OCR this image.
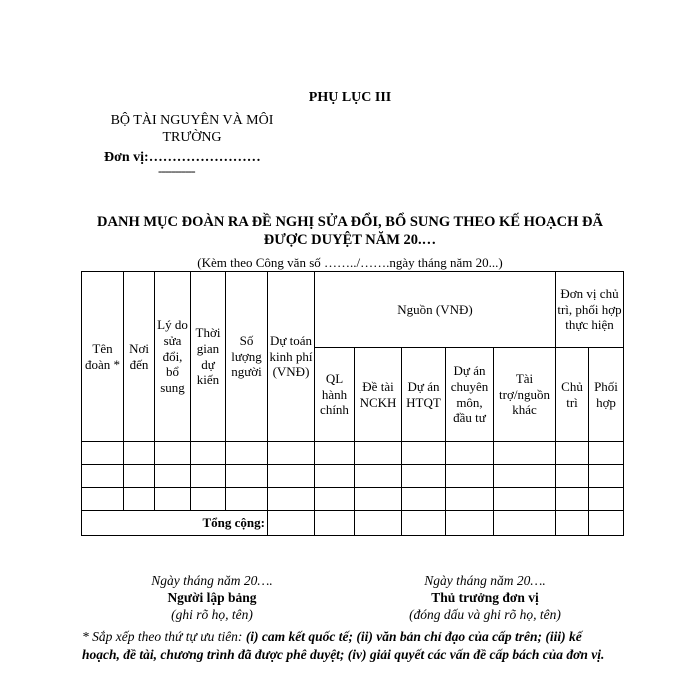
PHỤ LỤC III
BỘ TÀI NGUYÊN VÀ MÔI
TRƯỜNG
Đơn vị:……………………
-----------
DANH MỤC ĐOÀN RA ĐỀ NGHỊ SỬA ĐỔI, BỔ SUNG THEO KẾ HOẠCH ĐÃ
ĐƯỢC DUYỆT NĂM 20.…
(Kèm theo Công văn số ……../…….ngày tháng năm 20...)
Tên đoàn *	Nơi đến	Lý do sửa đổi, bổ sung	Thời gian dự kiến	Số lượng người	Dự toán kinh phí (VNĐ)	Nguồn (VNĐ)					Đơn vị chủ trì, phối hợp thực hiện	
						QL hành chính	Đề tài NCKH	Dự án HTQT	Dự án chuyên môn, đầu tư	Tài trợ/nguồn khác	Chủ trì	Phối hợp

Tổng cộng:												
Ngày tháng năm 20….
Người lập bảng
(ghi rõ họ, tên)
Ngày tháng năm 20….
Thủ trưởng đơn vị
(đóng dấu và ghi rõ họ, tên)
* Sắp xếp theo thứ tự ưu tiên: (i) cam kết quốc tế; (ii) văn bản chỉ đạo của cấp trên; (iii) kế hoạch, đề tài, chương trình đã được phê duyệt; (iv) giải quyết các vấn đề cấp bách của đơn vị.
